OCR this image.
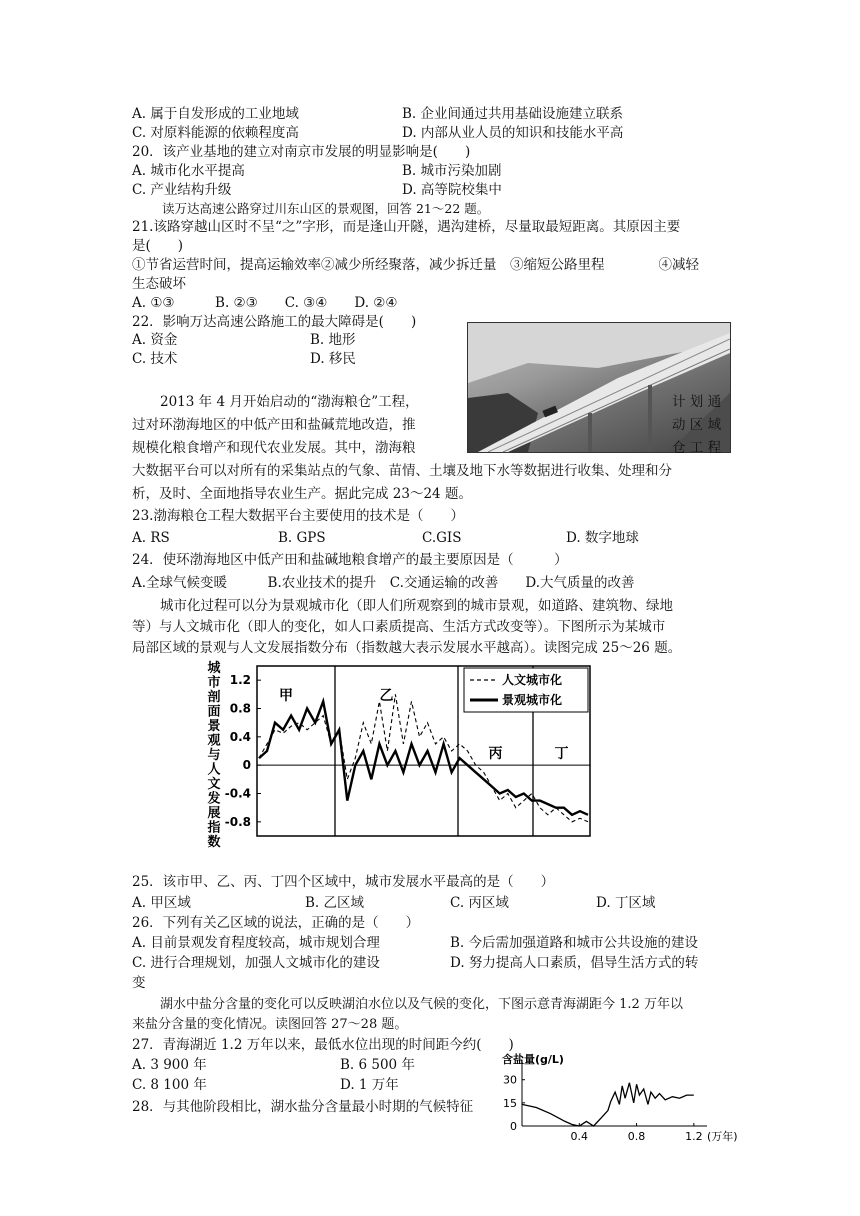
A. 属于自发形成的工业地域	B. 企业间通过共用基础设施建立联系
C. 对原料能源的依赖程度高	D. 内部从业人员的知识和技能水平高
20．该产业基地的建立对南京市发展的明显影响是(　　)
A. 城市化水平提高	B. 城市污染加剧
C. 产业结构升级	D. 高等院校集中
读万达高速公路穿过川东山区的景观图，回答 21～22 题。
21.该路穿越山区时不呈“之”字形，而是逢山开隧，遇沟建桥，尽量取最短距离。其原因主要
是(　　)
①节省运营时间，提高运输效率②减少所经聚落，减少拆迁量　③缩短公路里程　　　　④减轻
生态破坏
A. ①③　　　B. ②③　　C. ③④　　D. ②④
22．影响万达高速公路施工的最大障碍是(　　)
A. 资金	B. 地形
C. 技术	D. 移民
2013 年 4 月开始启动的“渤海粮仓”工程，	计 划 通
过对环渤海地区的中低产田和盐碱荒地改造，推	动 区 域
规模化粮食增产和现代农业发展。其中，渤海粮	仓 工 程
大数据平台可以对所有的采集站点的气象、苗情、土壤及地下水等数据进行收集、处理和分
析，及时、全面地指导农业生产。据此完成 23～24 题。
23.渤海粮仓工程大数据平台主要使用的技术是（　　）
A. RS	B. GPS	C.GIS	D. 数字地球
24．使环渤海地区中低产田和盐碱地粮食增产的最主要原因是（　　　）
A.全球气候变暖　　　B.农业技术的提升　C.交通运输的改善　　D.大气质量的改善
城市化过程可以分为景观城市化（即人们所观察到的城市景观，如道路、建筑物、绿地
等）与人文城市化（即人的变化，如人口素质提高、生活方式改变等）。下图所示为某城市
局部区域的景观与人文发展指数分布（指数越大表示发展水平越高）。读图完成 25～26 题。
城
市
剖
面
景
观
与
人
文
发
展
指
数
1.2
0.8
0.4
0
-0.4
-0.8
甲	乙
丙	丁
人文城市化
景观城市化
25．该市甲、乙、丙、丁四个区域中，城市发展水平最高的是（　　）
A. 甲区域	B. 乙区域	C. 丙区域	D. 丁区域
26．下列有关乙区域的说法，正确的是（　　）
A. 目前景观发育程度较高，城市规划合理	B. 今后需加强道路和城市公共设施的建设
C. 进行合理规划，加强人文城市化的建设	D. 努力提高人口素质，倡导生活方式的转
变
湖水中盐分含量的变化可以反映湖泊水位以及气候的变化，下图示意青海湖距今 1.2 万年以
来盐分含量的变化情况。读图回答 27～28 题。
27．青海湖近 1.2 万年以来，最低水位出现的时间距今约(　　)
A. 3 900 年	B. 6 500 年
C. 8 100 年	D. 1 万年
28．与其他阶段相比，湖水盐分含量最小时期的气候特征
含盐量(g/L)
30
15
0
0.4	0.8	1.2 (万年)
